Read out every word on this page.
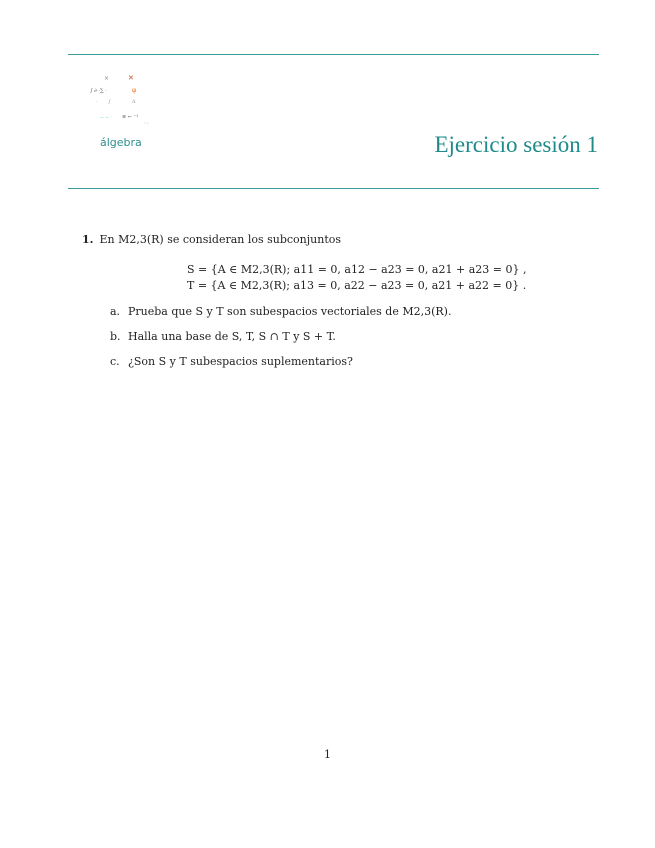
×	✕
∫ ∂ ·∑ ·	φ
· ∫	Δ
— — · ≡ ⌐ ⁻¹
·‥·
álgebra	Ejercicio sesión 1
1. En M2,3(R) se consideran los subconjuntos
S = {A ∈ M2,3(R); a11 = 0, a12 − a23 = 0, a21 + a23 = 0} ,
T = {A ∈ M2,3(R); a13 = 0, a22 − a23 = 0, a21 + a22 = 0} .
a. Prueba que S y T son subespacios vectoriales de M2,3(R).
b. Halla una base de S, T, S ∩ T y S + T.
c. ¿Son S y T subespacios suplementarios?
1
